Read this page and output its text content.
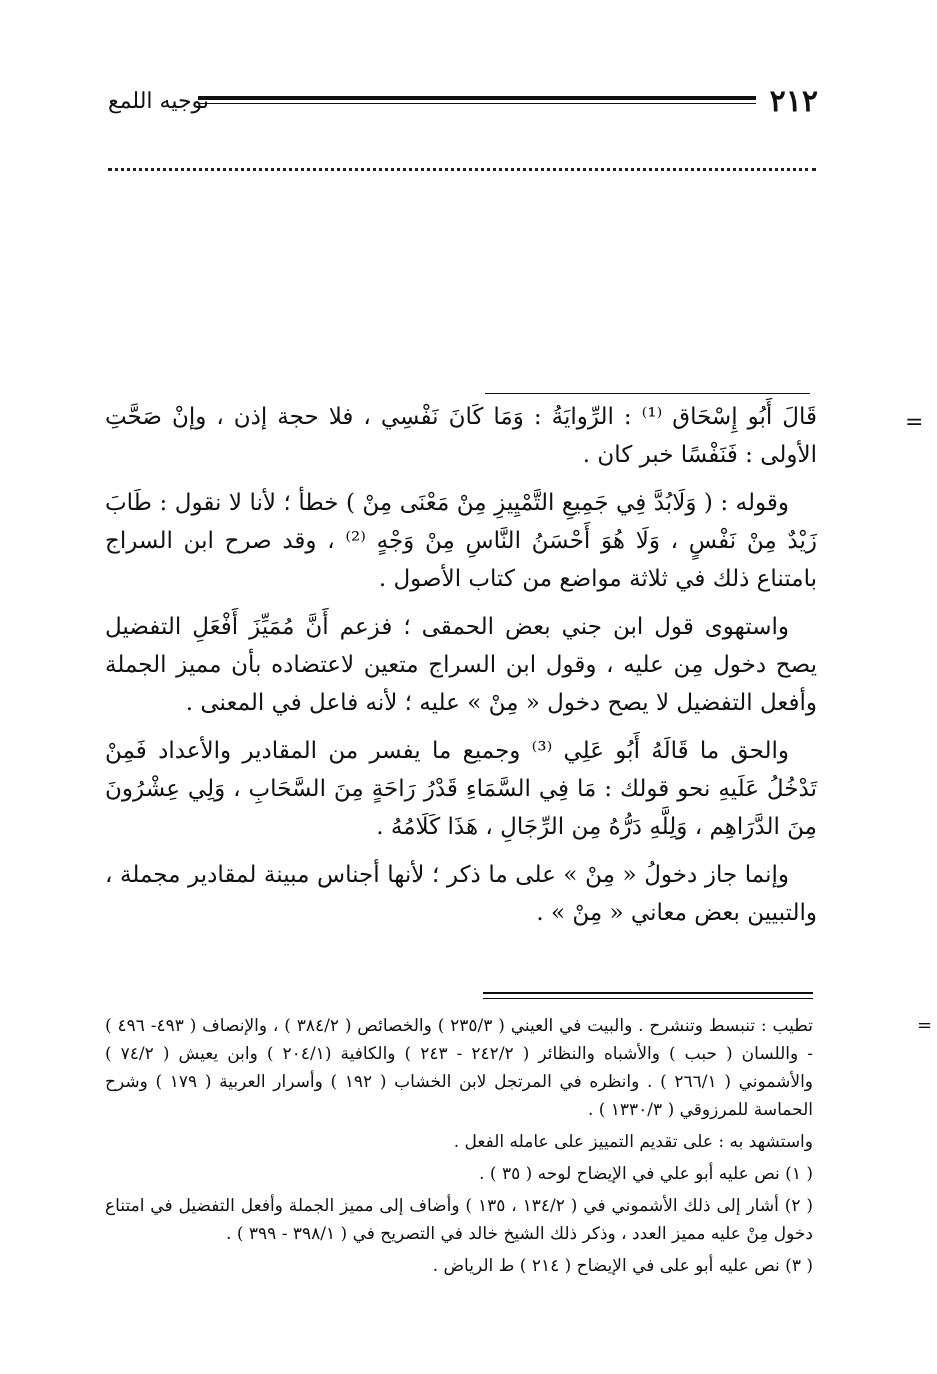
٢١٢
توجيه اللمع
=

قَالَ أَبُو إِسْحَاق ⁽¹⁾ : الرِّوايَةُ : وَمَا كَانَ نَفْسِي ، فلا حجة إذن ، وإنْ صَحَّتِ الأولى : فَنَفْسًا خبر كان .

وقوله : ( وَلَابُدَّ فِي جَمِيعِ التَّمْيِيزِ مِنْ مَعْنَى مِنْ ) خطأ ؛ لأنا لا نقول : طَابَ زَيْدٌ مِنْ نَفْسٍ ، وَلَا هُوَ أَحْسَنُ النَّاسِ مِنْ وَجْهٍ ⁽²⁾ ، وقد صرح ابن السراج بامتناع ذلك في ثلاثة مواضع من كتاب الأصول .

واستهوى قول ابن جني بعض الحمقى ؛ فزعم أَنَّ مُمَيِّزَ أَفْعَلِ التفضيل يصح دخول مِن عليه ، وقول ابن السراج متعين لاعتضاده بأن مميز الجملة وأفعل التفضيل لا يصح دخول « مِنْ » عليه ؛ لأنه فاعل في المعنى .

والحق ما قَالَهُ أَبُو عَلِي ⁽³⁾ وجميع ما يفسر من المقادير والأعداد فَمِنْ تَدْخُلُ عَلَيهِ نحو قولك : مَا فِي السَّمَاءِ قَدْرُ رَاحَةٍ مِنَ السَّحَابِ ، وَلِي عِشْرُونَ مِنَ الدَّرَاهِم ، وَلِلَّهِ دَرُّهُ مِن الرِّجَالِ ، هَذَا كَلَامُهُ .

وإنما جاز دخولُ « مِنْ » على ما ذكر ؛ لأنها أجناس مبينة لمقادير مجملة ، والتبيين بعض معاني « مِنْ » .

=

تطيب : تنبسط وتنشرح . والبيت في العيني ( ٢٣٥/٣ ) والخصائص ( ٣٨٤/٢ ) ، والإنصاف ( ٤٩٣- ٤٩٦ ) - واللسان ( حبب ) والأشباه والنظائر ( ٢٤٢/٢ - ٢٤٣ ) والكافية (٢٠٤/١ ) وابن يعيش ( ٧٤/٢ ) والأشموني ( ٢٦٦/١ ) . وانظره في المرتجل لابن الخشاب ( ١٩٢ ) وأسرار العربية ( ١٧٩ ) وشرح الحماسة للمرزوقي ( ١٣٣٠/٣ ) .

واستشهد به : على تقديم التمييز على عامله الفعل .

( ١) نص عليه أبو علي في الإيضاح لوحه ( ٣٥ ) .

( ٢) أشار إلى ذلك الأشموني في ( ١٣٤/٢ ، ١٣٥ ) وأضاف إلى مميز الجملة وأفعل التفضيل في امتناع دخول مِنْ عليه مميز العدد ، وذكر ذلك الشيخ خالد في التصريح في ( ٣٩٨/١ - ٣٩٩ ) .

( ٣) نص عليه أبو على في الإيضاح ( ٢١٤ ) ط الرياض .
